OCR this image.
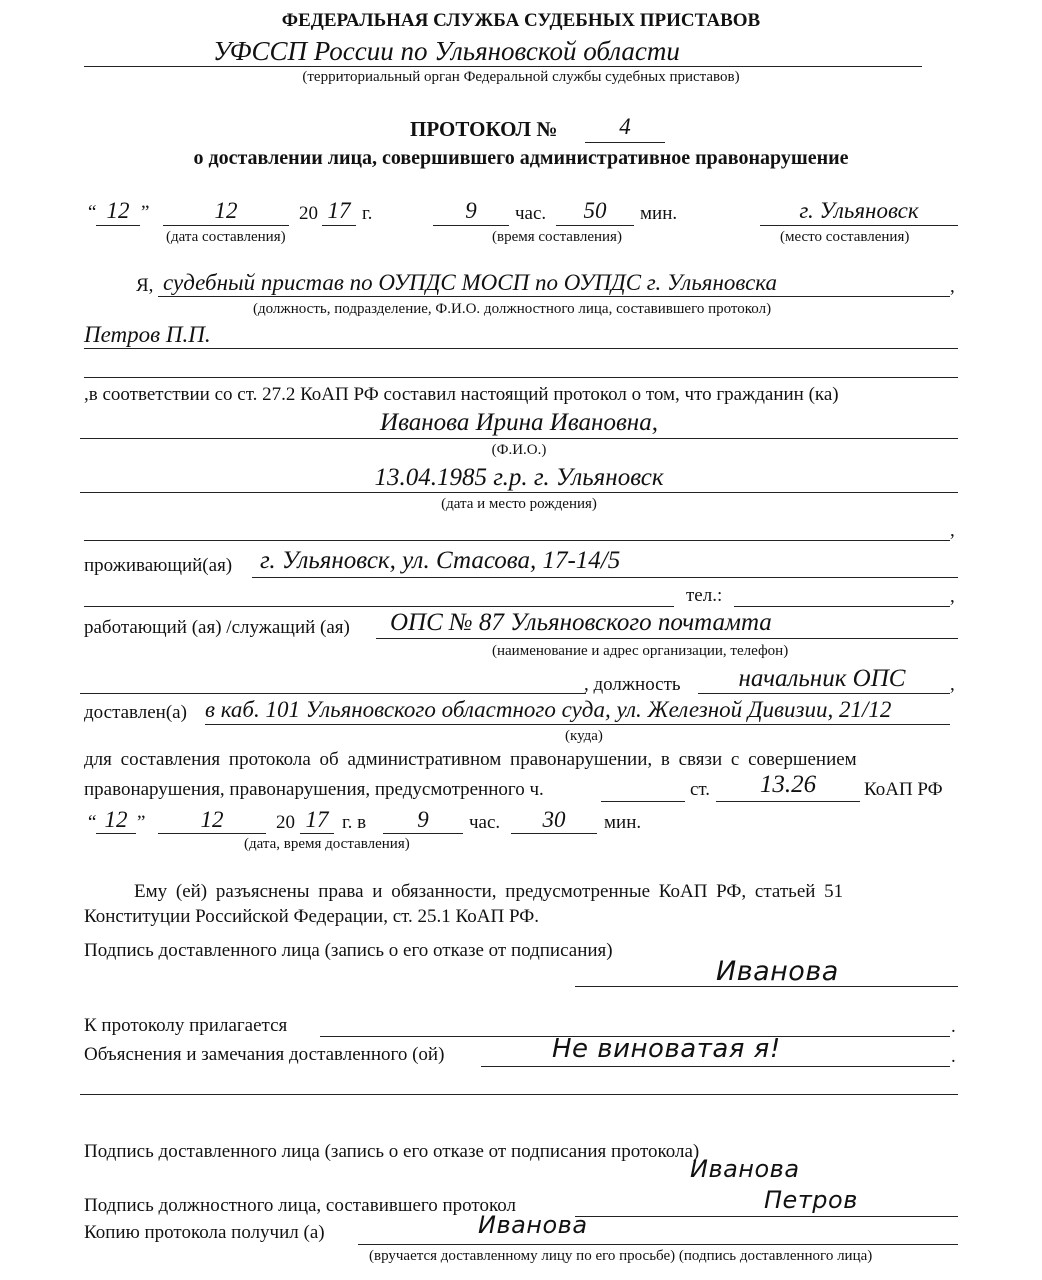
ФЕДЕРАЛЬНАЯ СЛУЖБА СУДЕБНЫХ ПРИСТАВОВ
УФССП России по Ульяновской области
(территориальный орган Федеральной службы судебных приставов)
ПРОТОКОЛ №	4
о доставлении лица, совершившего административное правонарушение
“ 12 ”	12	20 17 г.
(дата составления)
9	час.	50	мин.
(время составления)
г. Ульяновск
(место составления)
Я, судебный пристав по ОУПДС МОСП по ОУПДС г. Ульяновска	,
(должность, подразделение, Ф.И.О. должностного лица, составившего протокол)
Петров П.П.
,в соответствии со ст. 27.2 КоАП РФ составил настоящий протокол о том, что гражданин (ка)
Иванова Ирина Ивановна,
(Ф.И.О.)
13.04.1985 г.р. г. Ульяновск
(дата и место рождения)
,
проживающий(ая) г. Ульяновск, ул. Стасова, 17-14/5
тел.:	,
работающий (ая) /служащий (ая) ОПС № 87 Ульяновского почтамта
(наименование и адрес организации, телефон)
, должность	начальник ОПС	,
доставлен(а) в каб. 101 Ульяновского областного суда, ул. Железной Дивизии, 21/12
(куда)
для составления протокола об административном правонарушении, в связи с совершением
правонарушения, правонарушения, предусмотренного ч.	ст.	13.26	КоАП РФ
“ 12 ”	12	20 17 г. в	9	час.	30	мин.
(дата, время доставления)
Ему (ей) разъяснены права и обязанности, предусмотренные КоАП РФ, статьей 51
Конституции Российской Федерации, ст. 25.1 КоАП РФ.
Подпись доставленного лица (запись о его отказе от подписания)
Иванова
К протоколу прилагается	.
Объяснения и замечания доставленного (ой)	Не виноватая я!	.
Подпись доставленного лица (запись о его отказе от подписания протокола)
Иванова
Подпись должностного лица, составившего протокол	Петров
Копию протокола получил (а)	Иванова
(вручается доставленному лицу по его просьбе) (подпись доставленного лица)
